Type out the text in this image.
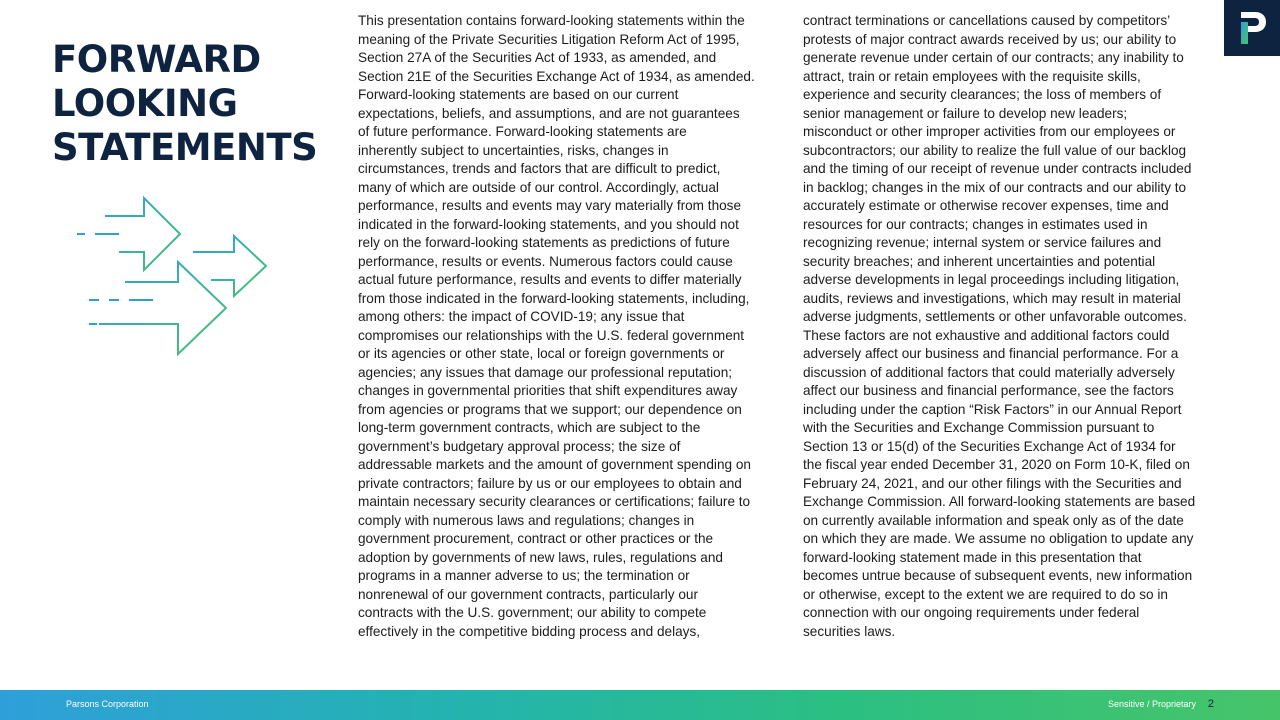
FORWARD
LOOKING
STATEMENTS
This presentation contains forward-looking statements within the
meaning of the Private Securities Litigation Reform Act of 1995,
Section 27A of the Securities Act of 1933, as amended, and
Section 21E of the Securities Exchange Act of 1934, as amended.
Forward-looking statements are based on our current
expectations, beliefs, and assumptions, and are not guarantees
of future performance. Forward-looking statements are
inherently subject to uncertainties, risks, changes in
circumstances, trends and factors that are difficult to predict,
many of which are outside of our control. Accordingly, actual
performance, results and events may vary materially from those
indicated in the forward-looking statements, and you should not
rely on the forward-looking statements as predictions of future
performance, results or events. Numerous factors could cause
actual future performance, results and events to differ materially
from those indicated in the forward-looking statements, including,
among others: the impact of COVID-19; any issue that
compromises our relationships with the U.S. federal government
or its agencies or other state, local or foreign governments or
agencies; any issues that damage our professional reputation;
changes in governmental priorities that shift expenditures away
from agencies or programs that we support; our dependence on
long-term government contracts, which are subject to the
government’s budgetary approval process; the size of
addressable markets and the amount of government spending on
private contractors; failure by us or our employees to obtain and
maintain necessary security clearances or certifications; failure to
comply with numerous laws and regulations; changes in
government procurement, contract or other practices or the
adoption by governments of new laws, rules, regulations and
programs in a manner adverse to us; the termination or
nonrenewal of our government contracts, particularly our
contracts with the U.S. government; our ability to compete
effectively in the competitive bidding process and delays,
contract terminations or cancellations caused by competitors’
protests of major contract awards received by us; our ability to
generate revenue under certain of our contracts; any inability to
attract, train or retain employees with the requisite skills,
experience and security clearances; the loss of members of
senior management or failure to develop new leaders;
misconduct or other improper activities from our employees or
subcontractors; our ability to realize the full value of our backlog
and the timing of our receipt of revenue under contracts included
in backlog; changes in the mix of our contracts and our ability to
accurately estimate or otherwise recover expenses, time and
resources for our contracts; changes in estimates used in
recognizing revenue; internal system or service failures and
security breaches; and inherent uncertainties and potential
adverse developments in legal proceedings including litigation,
audits, reviews and investigations, which may result in material
adverse judgments, settlements or other unfavorable outcomes.
These factors are not exhaustive and additional factors could
adversely affect our business and financial performance. For a
discussion of additional factors that could materially adversely
affect our business and financial performance, see the factors
including under the caption “Risk Factors” in our Annual Report
with the Securities and Exchange Commission pursuant to
Section 13 or 15(d) of the Securities Exchange Act of 1934 for
the fiscal year ended December 31, 2020 on Form 10-K, filed on
February 24, 2021, and our other filings with the Securities and
Exchange Commission. All forward-looking statements are based
on currently available information and speak only as of the date
on which they are made. We assume no obligation to update any
forward-looking statement made in this presentation that
becomes untrue because of subsequent events, new information
or otherwise, except to the extent we are required to do so in
connection with our ongoing requirements under federal
securities laws.
Parsons Corporation	Sensitive / Proprietary 2
